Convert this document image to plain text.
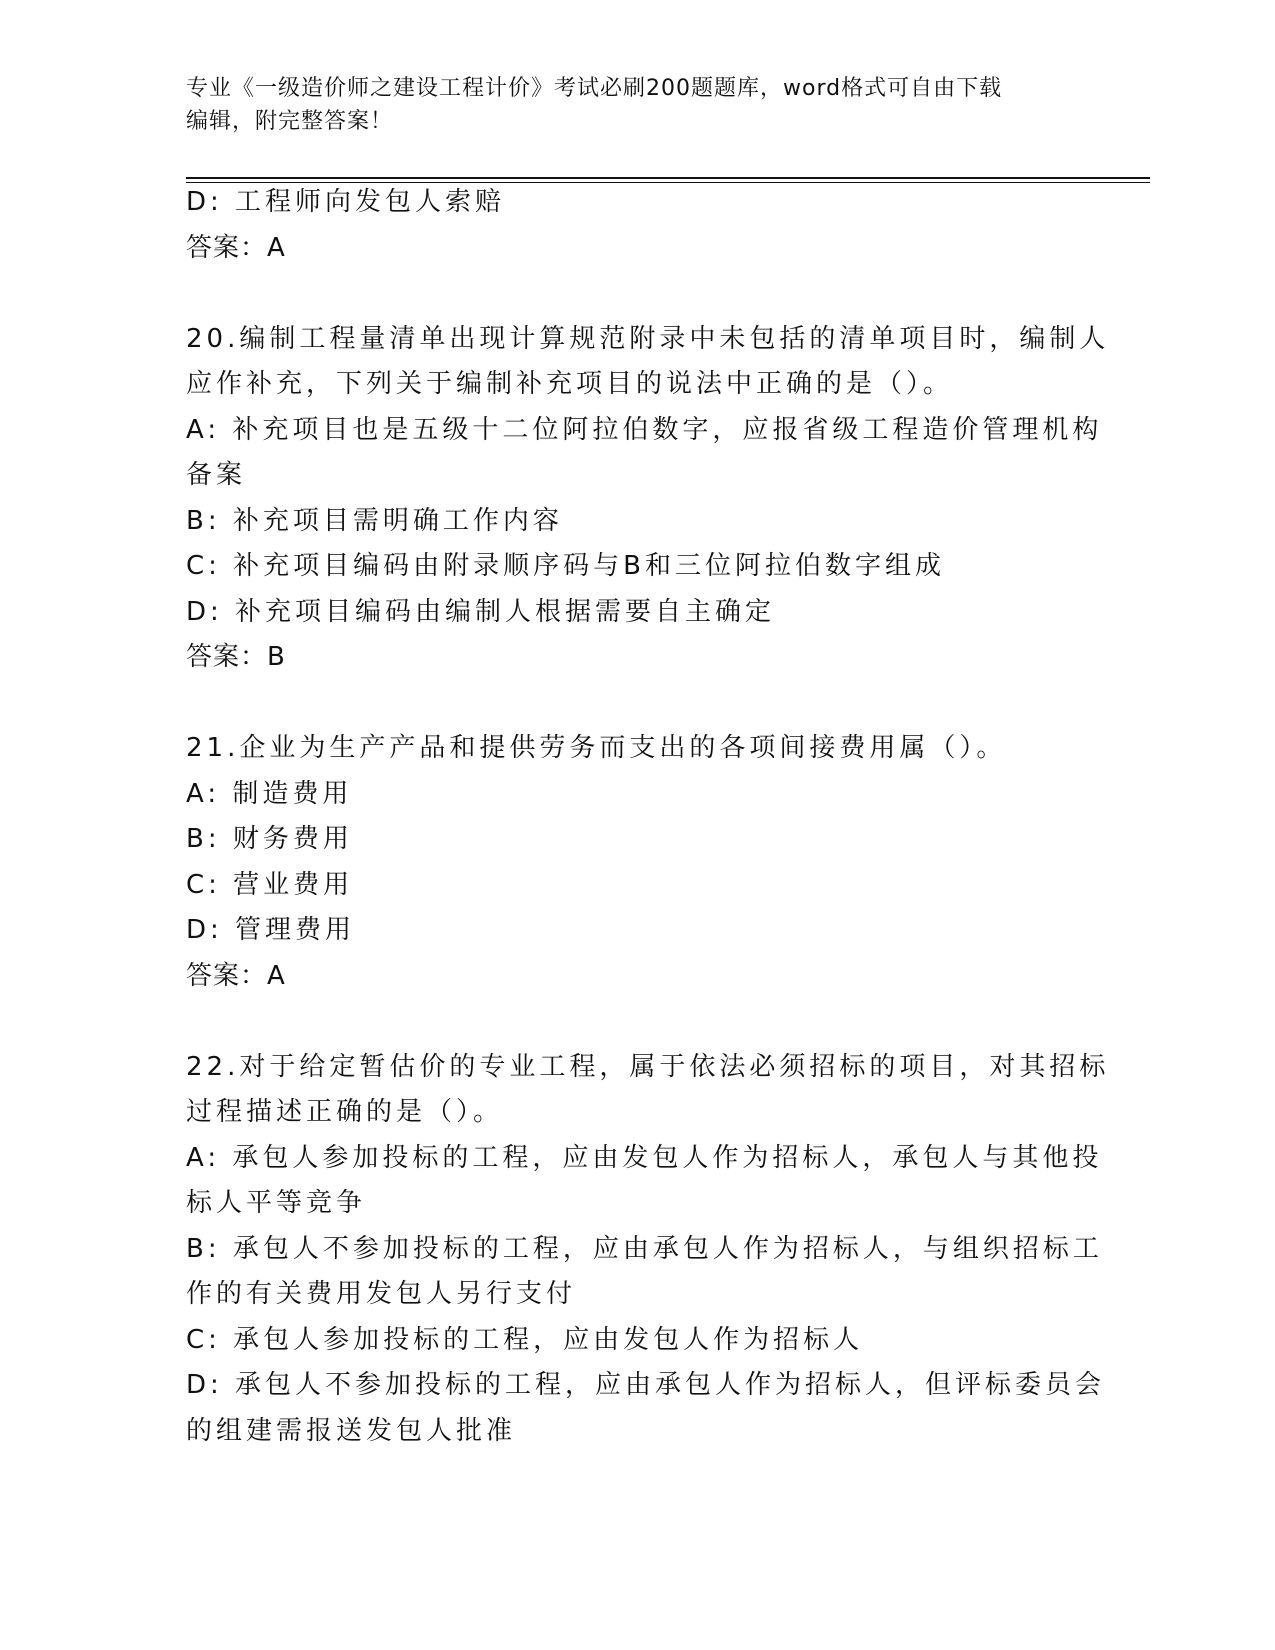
专业《一级造价师之建设工程计价》考试必刷200题题库，word格式可自由下载
编辑，附完整答案！
D: 工程师向发包人索赔
答案：A
20.编制工程量清单出现计算规范附录中未包括的清单项目时，编制人
应作补充，下列关于编制补充项目的说法中正确的是（）。
A: 补充项目也是五级十二位阿拉伯数字，应报省级工程造价管理机构
备案
B: 补充项目需明确工作内容
C: 补充项目编码由附录顺序码与B和三位阿拉伯数字组成
D: 补充项目编码由编制人根据需要自主确定
答案：B
21.企业为生产产品和提供劳务而支出的各项间接费用属（）。
A: 制造费用
B: 财务费用
C: 营业费用
D: 管理费用
答案：A
22.对于给定暂估价的专业工程，属于依法必须招标的项目，对其招标
过程描述正确的是（）。
A: 承包人参加投标的工程，应由发包人作为招标人，承包人与其他投
标人平等竞争
B: 承包人不参加投标的工程，应由承包人作为招标人，与组织招标工
作的有关费用发包人另行支付
C: 承包人参加投标的工程，应由发包人作为招标人
D: 承包人不参加投标的工程，应由承包人作为招标人，但评标委员会
的组建需报送发包人批准
